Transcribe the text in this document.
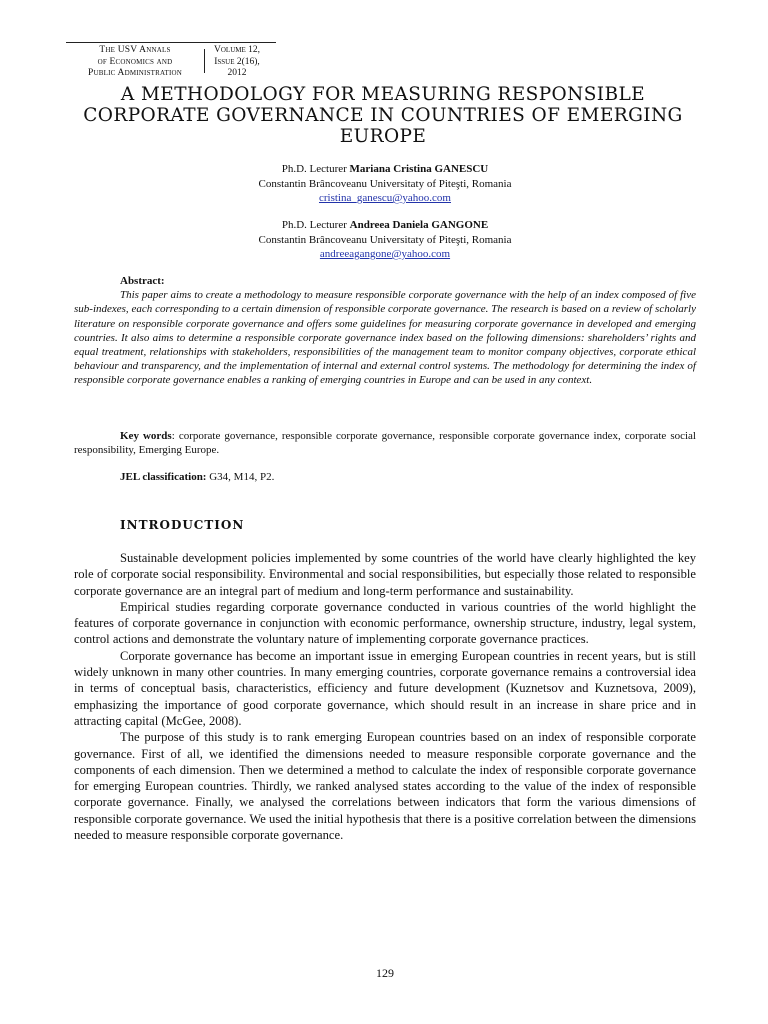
The USV Annals
of Economics and
Public Administration
Volume 12,
Issue 2(16),
2012
A METHODOLOGY FOR MEASURING RESPONSIBLE CORPORATE GOVERNANCE IN COUNTRIES OF EMERGING EUROPE
Ph.D. Lecturer Mariana Cristina GANESCU
Constantin Brâncoveanu Universitaty of Piteşti, Romania
cristina_ganescu@yahoo.com
Ph.D. Lecturer Andreea Daniela GANGONE
Constantin Brâncoveanu Universitaty of Piteşti, Romania
andreeagangone@yahoo.com
Abstract:

This paper aims to create a methodology to measure responsible corporate governance with the help of an index composed of five sub-indexes, each corresponding to a certain dimension of responsible corporate governance. The research is based on a review of scholarly literature on responsible corporate governance and offers some guidelines for measuring corporate governance in developed and emerging countries. It also aims to determine a responsible corporate governance index based on the following dimensions: shareholders’ rights and equal treatment, relationships with stakeholders, responsibilities of the management team to monitor company objectives, corporate ethical behaviour and transparency, and the implementation of internal and external control systems. The methodology for determining the index of responsible corporate governance enables a ranking of emerging countries in Europe and can be used in any context.

Key words: corporate governance, responsible corporate governance, responsible corporate governance index, corporate social responsibility, Emerging Europe.

JEL classification: G34, M14, P2.

INTRODUCTION

Sustainable development policies implemented by some countries of the world have clearly highlighted the key role of corporate social responsibility. Environmental and social responsibilities, but especially those related to responsible corporate governance are an integral part of medium and long-term performance and sustainability.

Empirical studies regarding corporate governance conducted in various countries of the world highlight the features of corporate governance in conjunction with economic performance, ownership structure, industry, legal system, control actions and demonstrate the voluntary nature of implementing corporate governance practices.

Corporate governance has become an important issue in emerging European countries in recent years, but is still widely unknown in many other countries. In many emerging countries, corporate governance remains a controversial idea in terms of conceptual basis, characteristics, efficiency and future development (Kuznetsov and Kuznetsova, 2009), emphasizing the importance of good corporate governance, which should result in an increase in share price and in attracting capital (McGee, 2008).

The purpose of this study is to rank emerging European countries based on an index of responsible corporate governance. First of all, we identified the dimensions needed to measure responsible corporate governance and the components of each dimension. Then we determined a method to calculate the index of responsible corporate governance for emerging European countries. Thirdly, we ranked analysed states according to the value of the index of responsible corporate governance. Finally, we analysed the correlations between indicators that form the various dimensions of responsible corporate governance. We used the initial hypothesis that there is a positive correlation between the dimensions needed to measure responsible corporate governance.

129
